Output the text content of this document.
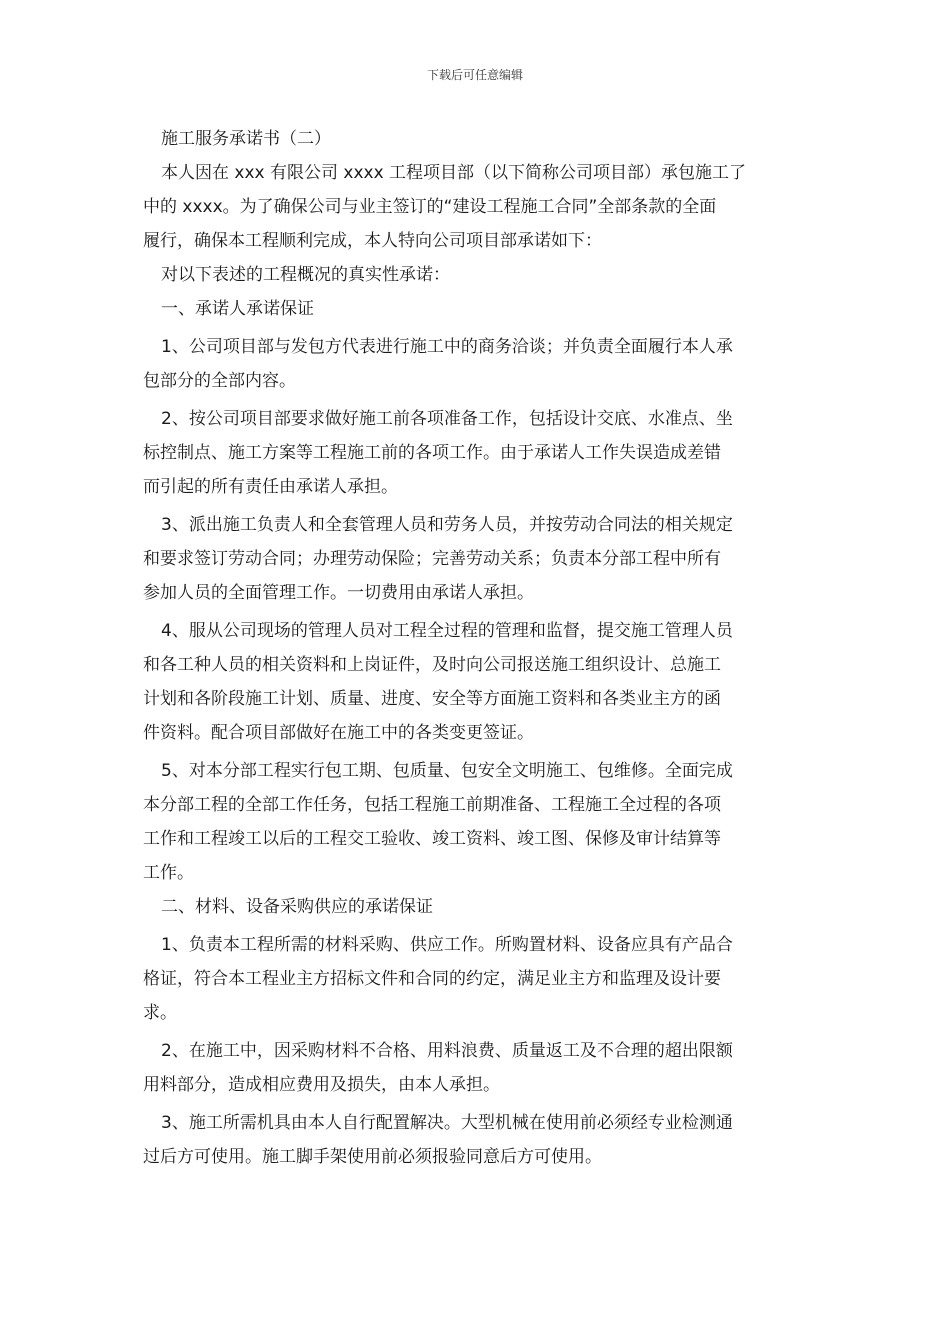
下载后可任意编辑
施工服务承诺书（二）
本人因在 xxx 有限公司 xxxx 工程项目部（以下简称公司项目部）承包施工了
中的 xxxx。为了确保公司与业主签订的“建设工程施工合同”全部条款的全面
履行，确保本工程顺利完成，本人特向公司项目部承诺如下：
对以下表述的工程概况的真实性承诺：
一、承诺人承诺保证
1、公司项目部与发包方代表进行施工中的商务洽谈；并负责全面履行本人承
包部分的全部内容。
2、按公司项目部要求做好施工前各项准备工作，包括设计交底、水准点、坐
标控制点、施工方案等工程施工前的各项工作。由于承诺人工作失误造成差错
而引起的所有责任由承诺人承担。
3、派出施工负责人和全套管理人员和劳务人员，并按劳动合同法的相关规定
和要求签订劳动合同；办理劳动保险；完善劳动关系；负责本分部工程中所有
参加人员的全面管理工作。一切费用由承诺人承担。
4、服从公司现场的管理人员对工程全过程的管理和监督，提交施工管理人员
和各工种人员的相关资料和上岗证件，及时向公司报送施工组织设计、总施工
计划和各阶段施工计划、质量、进度、安全等方面施工资料和各类业主方的函
件资料。配合项目部做好在施工中的各类变更签证。
5、对本分部工程实行包工期、包质量、包安全文明施工、包维修。全面完成
本分部工程的全部工作任务，包括工程施工前期准备、工程施工全过程的各项
工作和工程竣工以后的工程交工验收、竣工资料、竣工图、保修及审计结算等
工作。
二、材料、设备采购供应的承诺保证
1、负责本工程所需的材料采购、供应工作。所购置材料、设备应具有产品合
格证，符合本工程业主方招标文件和合同的约定，满足业主方和监理及设计要
求。
2、在施工中，因采购材料不合格、用料浪费、质量返工及不合理的超出限额
用料部分，造成相应费用及损失，由本人承担。
3、施工所需机具由本人自行配置解决。大型机械在使用前必须经专业检测通
过后方可使用。施工脚手架使用前必须报验同意后方可使用。
